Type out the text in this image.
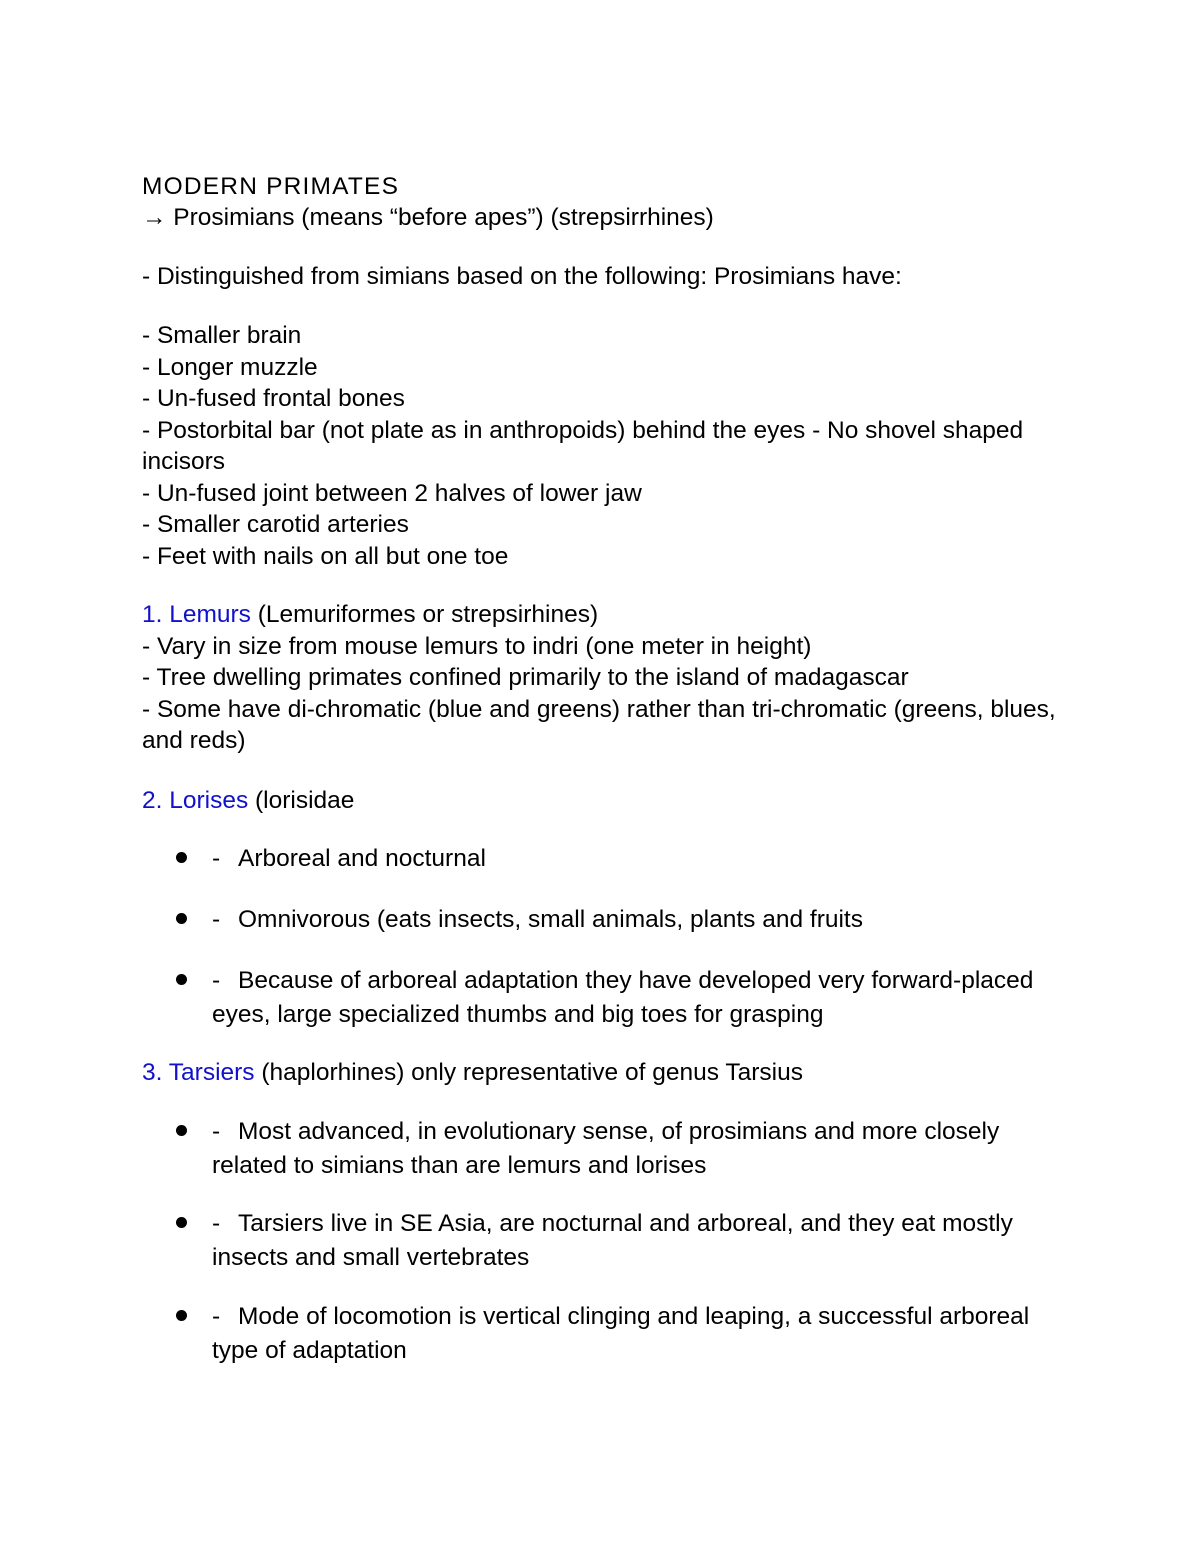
MODERN PRIMATES
→ Prosimians (means “before apes”) (strepsirrhines)
- Distinguished from simians based on the following: Prosimians have:
- Smaller brain
- Longer muzzle
- Un-fused frontal bones
- Postorbital bar (not plate as in anthropoids) behind the eyes - No shovel shaped incisors
- Un-fused joint between 2 halves of lower jaw
- Smaller carotid arteries
- Feet with nails on all but one toe
1. Lemurs (Lemuriformes or strepsirhines)
- Vary in size from mouse lemurs to indri (one meter in height)
- Tree dwelling primates confined primarily to the island of madagascar
- Some have di-chromatic (blue and greens) rather than tri-chromatic (greens, blues, and reds)
2. Lorises (lorisidae
- Arboreal and nocturnal
- Omnivorous (eats insects, small animals, plants and fruits
- Because of arboreal adaptation they have developed very forward-placed eyes, large specialized thumbs and big toes for grasping
3. Tarsiers (haplorhines) only representative of genus Tarsius
- Most advanced, in evolutionary sense, of prosimians and more closely related to simians than are lemurs and lorises
- Tarsiers live in SE Asia, are nocturnal and arboreal, and they eat mostly insects and small vertebrates
- Mode of locomotion is vertical clinging and leaping, a successful arboreal type of adaptation
